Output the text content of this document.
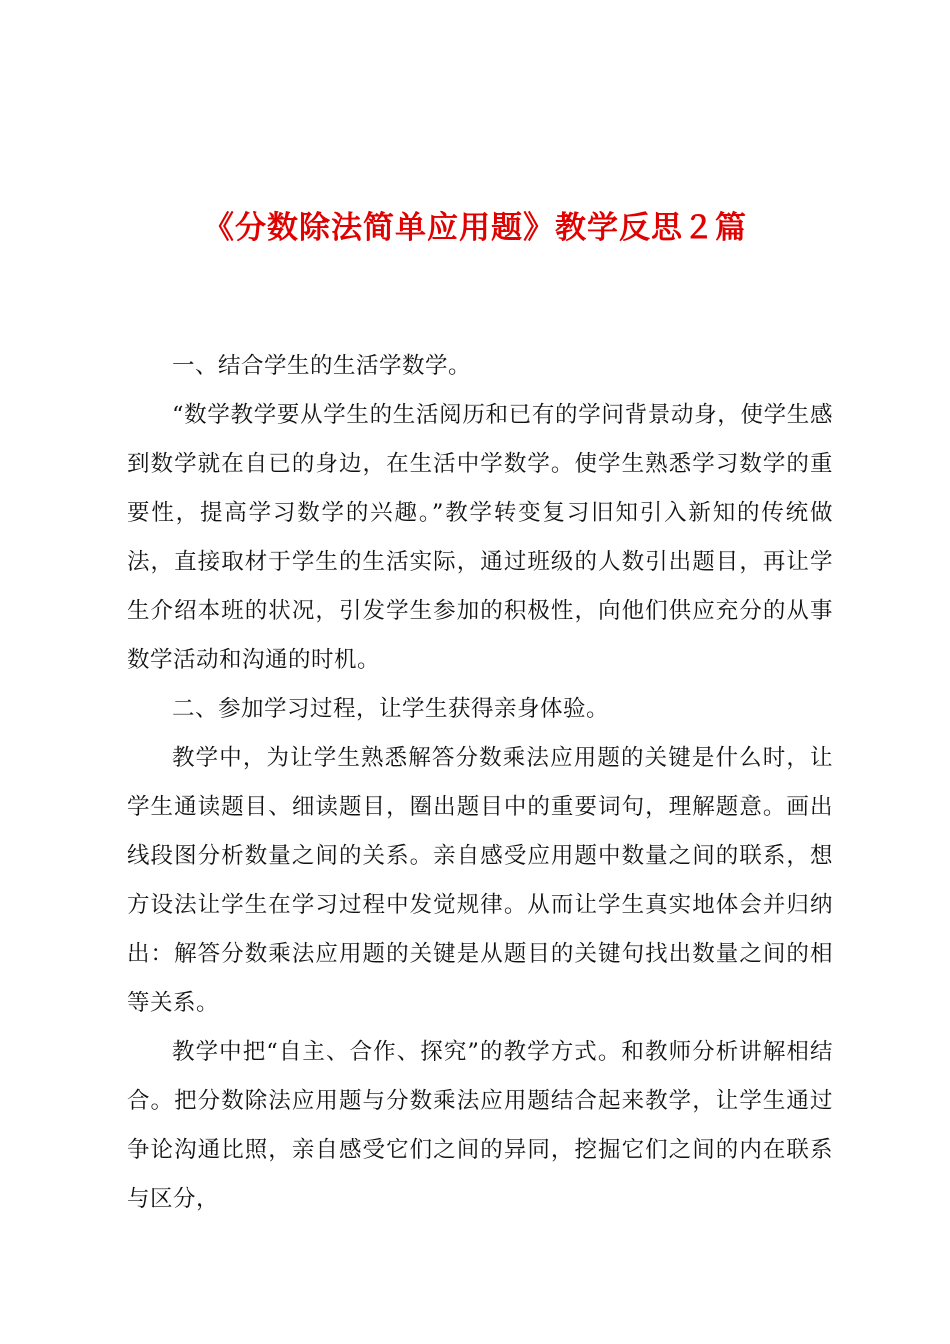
《分数除法简单应用题》教学反思２篇

一、结合学生的生活学数学。

“数学教学要从学生的生活阅历和已有的学问背景动身，使学生感到数学就在自已的身边，在生活中学数学。使学生熟悉学习数学的重要性，提高学习数学的兴趣。”教学转变复习旧知引入新知的传统做法，直接取材于学生的生活实际，通过班级的人数引出题目，再让学生介绍本班的状况，引发学生参加的积极性，向他们供应充分的从事数学活动和沟通的时机。

二、参加学习过程，让学生获得亲身体验。

教学中，为让学生熟悉解答分数乘法应用题的关键是什么时，让学生通读题目、细读题目，圈出题目中的重要词句，理解题意。画出线段图分析数量之间的关系。亲自感受应用题中数量之间的联系，想方设法让学生在学习过程中发觉规律。从而让学生真实地体会并归纳出：解答分数乘法应用题的关键是从题目的关键句找出数量之间的相等关系。

教学中把“自主、合作、探究”的教学方式。和教师分析讲解相结合。把分数除法应用题与分数乘法应用题结合起来教学，让学生通过争论沟通比照，亲自感受它们之间的异同，挖掘它们之间的内在联系与区分，
